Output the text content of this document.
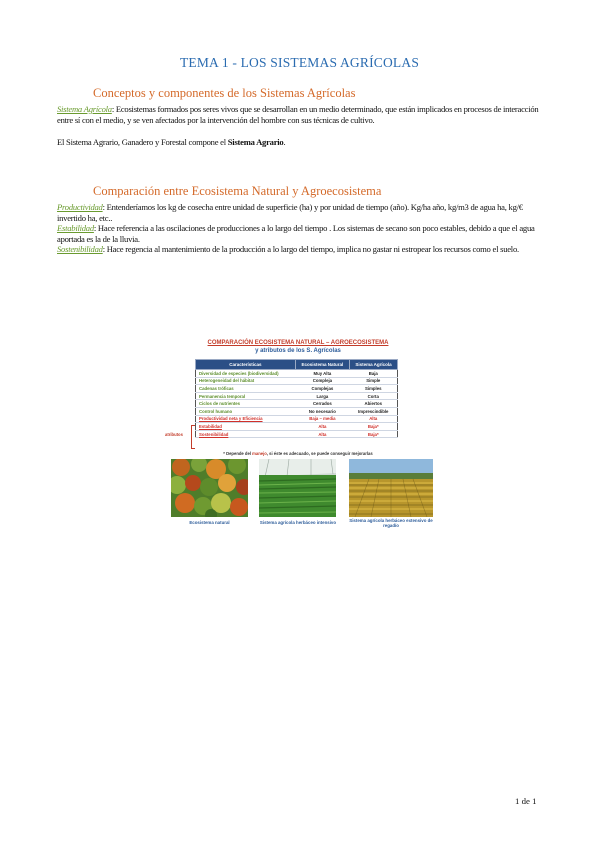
TEMA 1 - LOS SISTEMAS AGRÍCOLAS
Conceptos y componentes de los Sistemas Agrícolas
Sistema Agrícola: Ecosistemas formados pos seres vivos que se desarrollan en un medio determinado, que están implicados en procesos de interacción entre sí con el medio, y se ven afectados por la intervención del hombre con sus técnicas de cultivo.
El Sistema Agrario, Ganadero y Forestal compone el Sistema Agrario.
Comparación entre Ecosistema Natural y Agroecosistema
Productividad: Entenderíamos los kg de cosecha entre unidad de superficie (ha) y por unidad de tiempo (año). Kg/ha año, kg/m3 de agua ha, kg/€ invertido ha, etc..
Estabilidad: Hace referencia a las oscilaciones de producciones a lo largo del tiempo . Los sistemas de secano son poco estables, debido a que el agua aportada es la de la lluvia.
Sostenibilidad: Hace regencia al mantenimiento de la producción a lo largo del tiempo, implica no gastar ni estropear los recursos como el suelo.
COMPARACIÓN ECOSISTEMA NATURAL – AGROECOSISTEMA
y atributos de los S. Agrícolas
Características	Ecosistema Natural	Sistema Agrícola
Diversidad de especies (biodiversidad)	Muy Alta	Baja
Heterogeneidad del hábitat	Compleja	Simple
Cadenas tróficas	Complejas	Simples
Permanencia temporal	Larga	Corta
Ciclos de nutrientes	Cerrados	Abiertos
Control humano	No necesario	Imprescindible
Productividad neta y Eficiencia	Baja – media	Alta
Estabilidad	Alta	Baja*
Sostenibilidad	Alta	Baja*
atributos
* Depende del manejo, si éste es adecuado, se puede conseguir mejorarlas
Ecosistema natural	Sistema agrícola herbáceo intensivo	Sistema agrícola herbáceo extensivo de regadío
1 de 1
